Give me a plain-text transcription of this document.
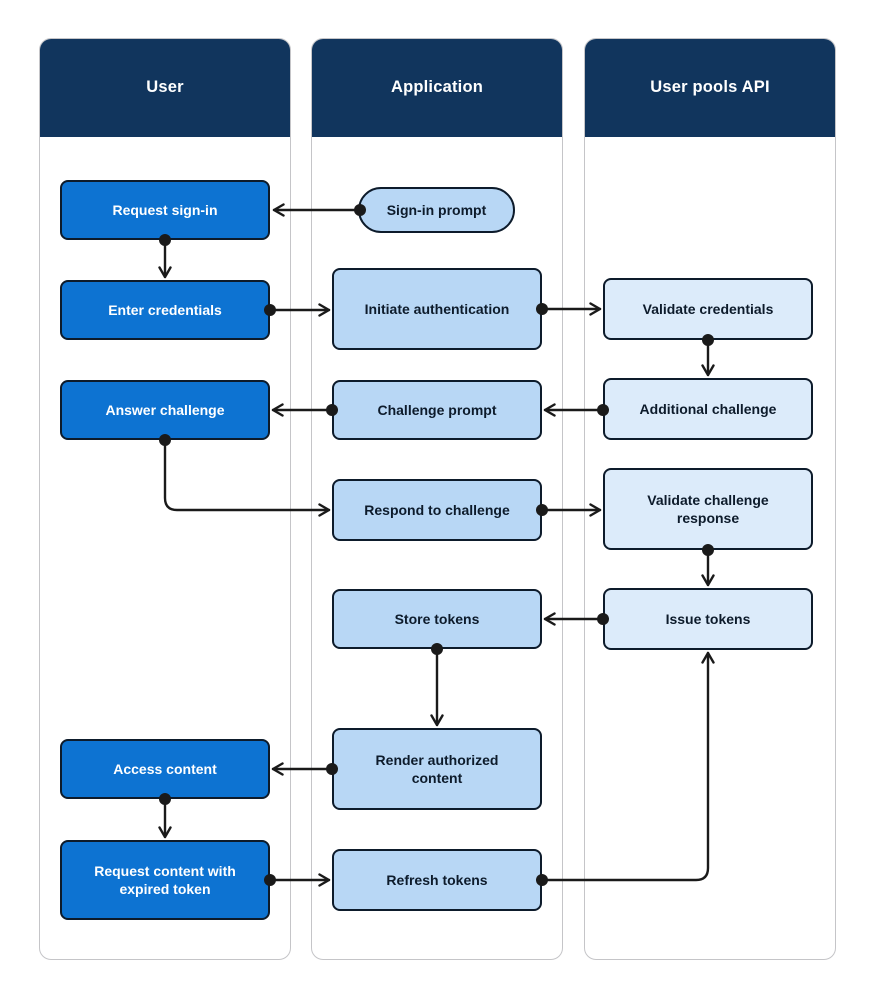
User	Application	User pools API
Request sign-in
Enter credentials
Answer challenge
Access content
Request content with expired token
Sign-in prompt
Initiate authentication
Challenge prompt
Respond to challenge
Store tokens
Render authorized content
Refresh tokens
Validate credentials
Additional challenge
Validate challenge response
Issue tokens
